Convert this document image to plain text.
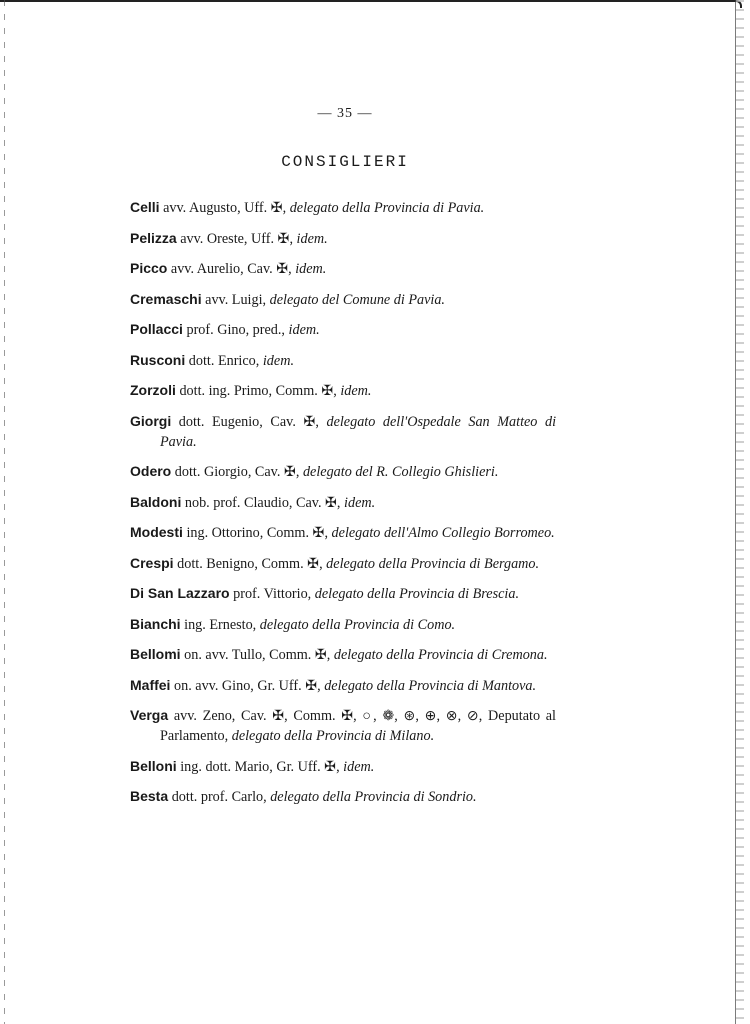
— 35 —
CONSIGLIERI
Celli avv. Augusto, Uff. ✠, delegato della Provincia di Pavia.
Pelizza avv. Oreste, Uff. ✠, idem.
Picco avv. Aurelio, Cav. ✠, idem.
Cremaschi avv. Luigi, delegato del Comune di Pavia.
Pollacci prof. Gino, pred., idem.
Rusconi dott. Enrico, idem.
Zorzoli dott. ing. Primo, Comm. ✠, idem.
Giorgi dott. Eugenio, Cav. ✠, delegato dell'Ospedale San Matteo di Pavia.
Odero dott. Giorgio, Cav. ✠, delegato del R. Collegio Ghislieri.
Baldoni nob. prof. Claudio, Cav. ✠, idem.
Modesti ing. Ottorino, Comm. ✠, delegato dell'Almo Collegio Borromeo.
Crespi dott. Benigno, Comm. ✠, delegato della Provincia di Bergamo.
Di San Lazzaro prof. Vittorio, delegato della Provincia di Brescia.
Bianchi ing. Ernesto, delegato della Provincia di Como.
Bellomi on. avv. Tullo, Comm. ✠, delegato della Provincia di Cremona.
Maffei on. avv. Gino, Gr. Uff. ✠, delegato della Provincia di Mantova.
Verga avv. Zeno, Cav. ✠, Comm. ✠, ○, ❁, ⊛, ⊕, ⊗, ⊘, Deputato al Parlamento, delegato della Provincia di Milano.
Belloni ing. dott. Mario, Gr. Uff. ✠, idem.
Besta dott. prof. Carlo, delegato della Provincia di Sondrio.
